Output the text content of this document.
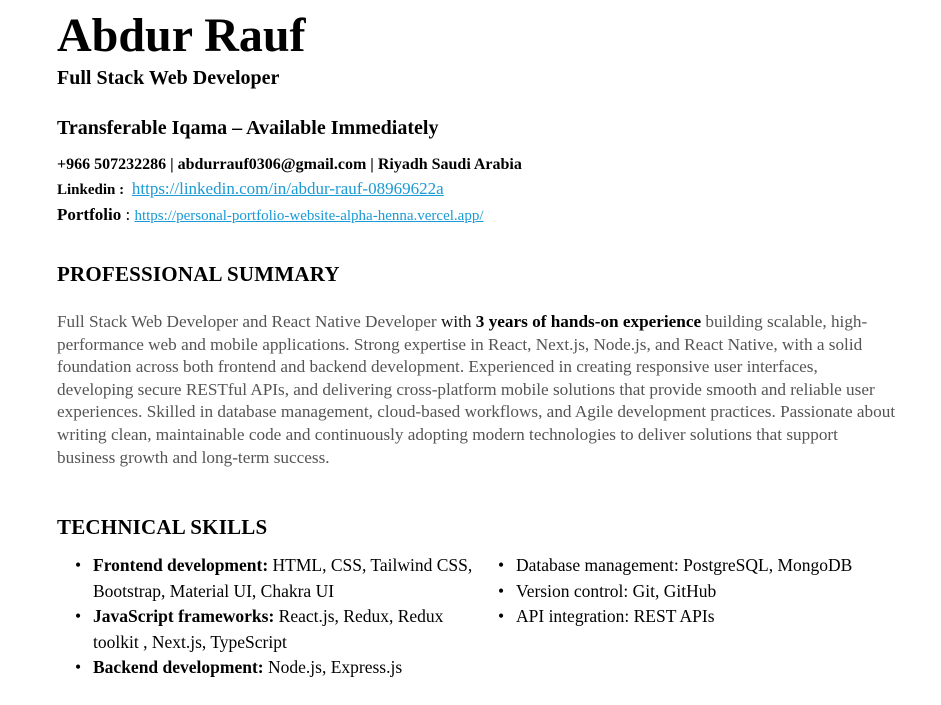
Abdur Rauf
Full Stack Web Developer
Transferable Iqama – Available Immediately
+966 507232286 | abdurrauf0306@gmail.com | Riyadh Saudi Arabia
Linkedin : https://linkedin.com/in/abdur-rauf-08969622a
Portfolio : https://personal-portfolio-website-alpha-henna.vercel.app/
PROFESSIONAL SUMMARY
Full Stack Web Developer and React Native Developer with 3 years of hands-on experience building scalable, high-performance web and mobile applications. Strong expertise in React, Next.js, Node.js, and React Native, with a solid foundation across both frontend and backend development. Experienced in creating responsive user interfaces, developing secure RESTful APIs, and delivering cross-platform mobile solutions that provide smooth and reliable user experiences. Skilled in database management, cloud-based workflows, and Agile development practices. Passionate about writing clean, maintainable code and continuously adopting modern technologies to deliver solutions that support business growth and long-term success.
TECHNICAL SKILLS
• Frontend development: HTML, CSS, Tailwind CSS, Bootstrap, Material UI, Chakra UI
• JavaScript frameworks: React.js, Redux, Redux toolkit , Next.js, TypeScript
• Backend development: Node.js, Express.js
• Database management: PostgreSQL, MongoDB
• Version control: Git, GitHub
• API integration: REST APIs
